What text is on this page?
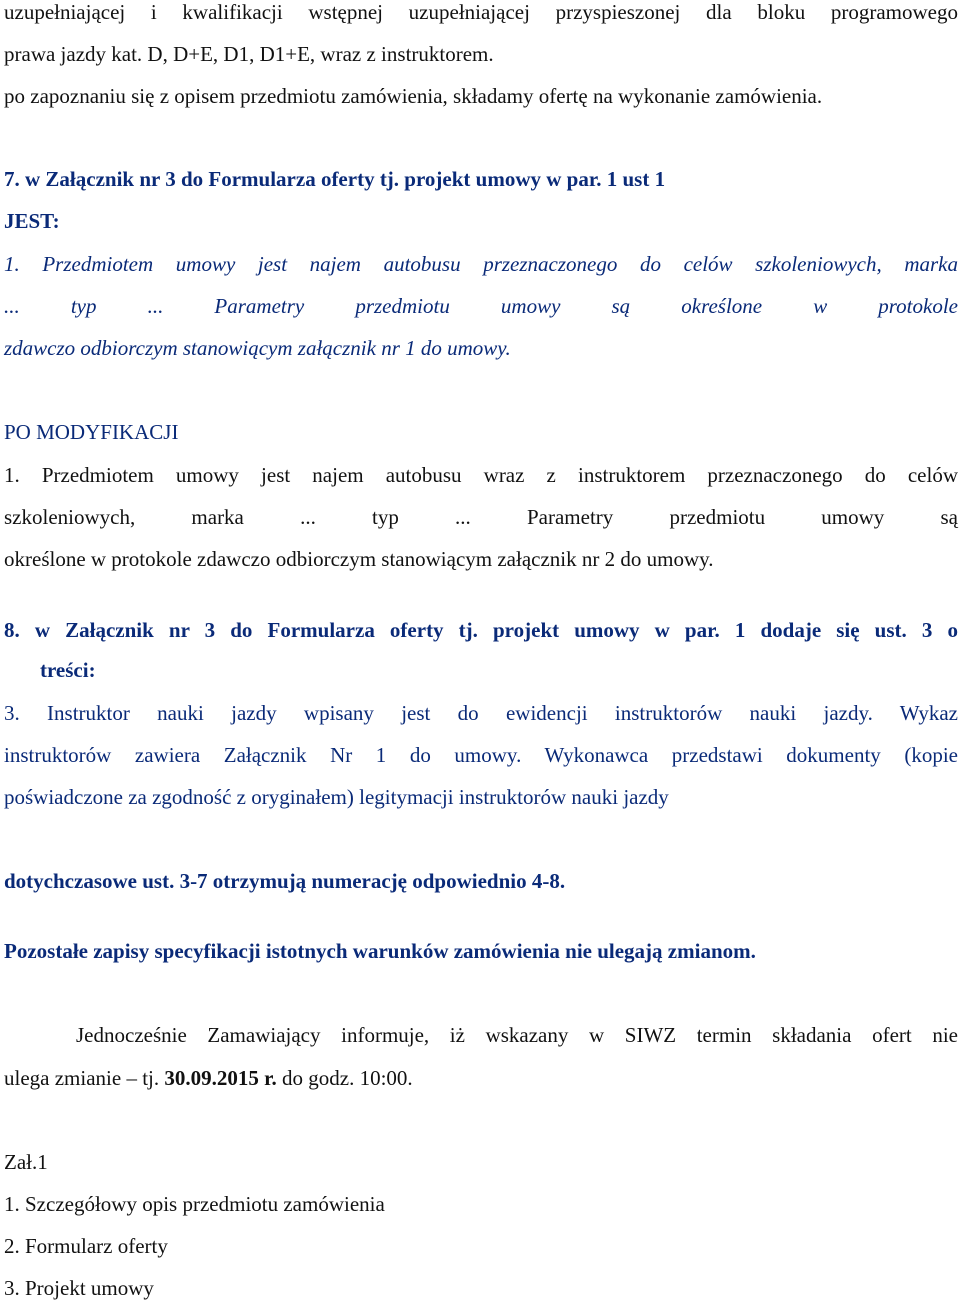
uzupełniającej i kwalifikacji wstępnej uzupełniającej przyspieszonej dla bloku programowego
prawa jazdy kat. D, D+E, D1, D1+E, wraz z instruktorem.
po zapoznaniu się z opisem przedmiotu zamówienia, składamy ofertę na wykonanie zamówienia.
7. w Załącznik nr 3 do Formularza oferty tj. projekt umowy w par. 1 ust 1
JEST:
1. Przedmiotem umowy jest najem autobusu przeznaczonego do celów szkoleniowych, marka
... typ ... Parametry przedmiotu umowy są określone w protokole
zdawczo odbiorczym stanowiącym załącznik nr 1 do umowy.
PO MODYFIKACJI
1. Przedmiotem umowy jest najem autobusu wraz z instruktorem przeznaczonego do celów
szkoleniowych, marka ... typ ... Parametry przedmiotu umowy są
określone w protokole zdawczo odbiorczym stanowiącym załącznik nr 2 do umowy.
8. w Załącznik nr 3 do Formularza oferty tj. projekt umowy w par. 1 dodaje się ust. 3 o
treści:
3. Instruktor nauki jazdy wpisany jest do ewidencji instruktorów nauki jazdy. Wykaz
instruktorów zawiera Załącznik Nr 1 do umowy. Wykonawca przedstawi dokumenty (kopie
poświadczone za zgodność z oryginałem) legitymacji instruktorów nauki jazdy
dotychczasowe ust. 3-7 otrzymują numerację odpowiednio 4-8.
Pozostałe zapisy specyfikacji istotnych warunków zamówienia nie ulegają zmianom.
Jednocześnie Zamawiający informuje, iż wskazany w SIWZ termin składania ofert nie
ulega zmianie – tj. 30.09.2015 r. do godz. 10:00.
Zał.1
1. Szczegółowy opis przedmiotu zamówienia
2. Formularz oferty
3. Projekt umowy
